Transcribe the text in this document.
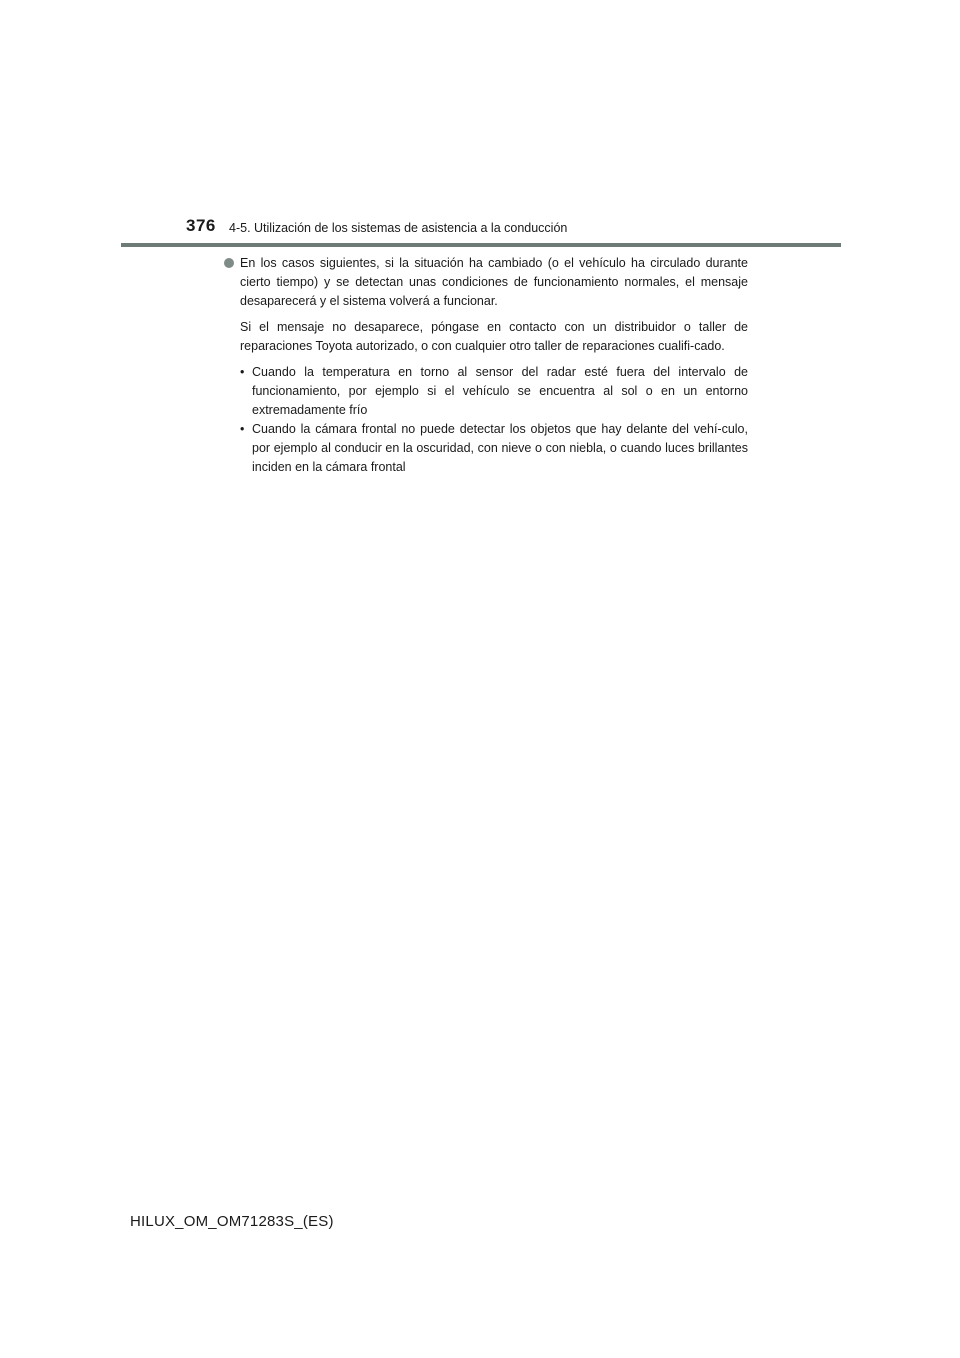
376 4-5. Utilización de los sistemas de asistencia a la conducción
En los casos siguientes, si la situación ha cambiado (o el vehículo ha circulado durante cierto tiempo) y se detectan unas condiciones de funcionamiento normales, el mensaje desaparecerá y el sistema volverá a funcionar.
Si el mensaje no desaparece, póngase en contacto con un distribuidor o taller de reparaciones Toyota autorizado, o con cualquier otro taller de reparaciones cualifi-cado.
• Cuando la temperatura en torno al sensor del radar esté fuera del intervalo de funcionamiento, por ejemplo si el vehículo se encuentra al sol o en un entorno extremadamente frío
• Cuando la cámara frontal no puede detectar los objetos que hay delante del vehí-culo, por ejemplo al conducir en la oscuridad, con nieve o con niebla, o cuando luces brillantes inciden en la cámara frontal
HILUX_OM_OM71283S_(ES)
